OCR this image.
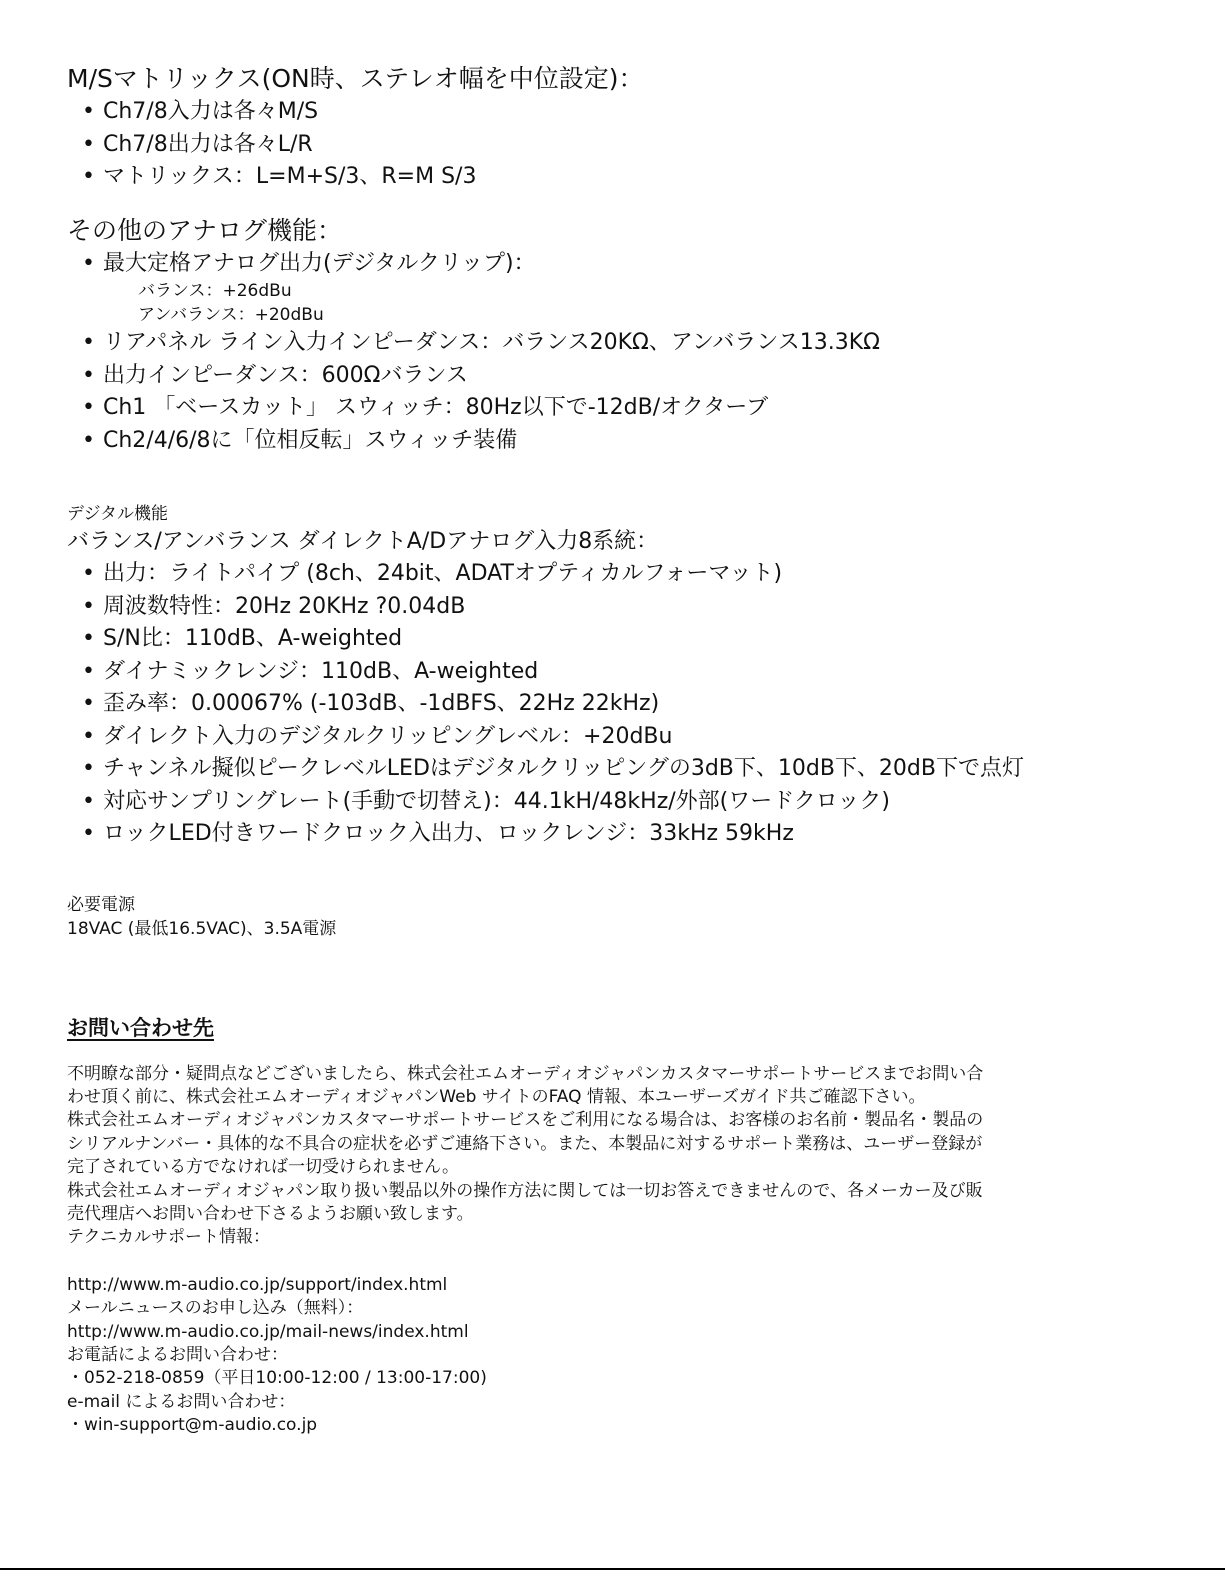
M/Sマトリックス(ON時、ステレオ幅を中位設定)：
• Ch7/8入力は各々M/S
• Ch7/8出力は各々L/R
• マトリックス：L=M+S/3、R=M S/3
その他のアナログ機能：
• 最大定格アナログ出力(デジタルクリップ)：
バランス：+26dBu
アンバランス：+20dBu
• リアパネル ライン入力インピーダンス：バランス20KΩ、アンバランス13.3KΩ
• 出力インピーダンス：600Ωバランス
• Ch1 「ベースカット」 スウィッチ：80Hz以下で-12dB/オクターブ
• Ch2/4/6/8に「位相反転」スウィッチ装備

デジタル機能

バランス/アンバランス ダイレクトA/Dアナログ入力8系統：
• 出力：ライトパイプ (8ch、24bit、ADATオプティカルフォーマット)
• 周波数特性：20Hz 20KHz ?0.04dB
• S/N比：110dB、A-weighted
• ダイナミックレンジ：110dB、A-weighted
• 歪み率：0.00067% (-103dB、-1dBFS、22Hz 22kHz)
• ダイレクト入力のデジタルクリッピングレベル：+20dBu
• チャンネル擬似ピークレベルLEDはデジタルクリッピングの3dB下、10dB下、20dB下で点灯
• 対応サンプリングレート(手動で切替え)：44.1kH/48kHz/外部(ワードクロック)
• ロックLED付きワードクロック入出力、ロックレンジ：33kHz 59kHz

必要電源

18VAC (最低16.5VAC)、3.5A電源

お問い合わせ先

不明瞭な部分・疑問点などございましたら、株式会社エムオーディオジャパンカスタマーサポートサービスまでお問い合

わせ頂く前に、株式会社エムオーディオジャパンWeb サイトのFAQ 情報、本ユーザーズガイド共ご確認下さい。

株式会社エムオーディオジャパンカスタマーサポートサービスをご利用になる場合は、お客様のお名前・製品名・製品の

シリアルナンバー・具体的な不具合の症状を必ずご連絡下さい。また、本製品に対するサポート業務は、ユーザー登録が

完了されている方でなければ一切受けられません。

株式会社エムオーディオジャパン取り扱い製品以外の操作方法に関しては一切お答えできませんので、各メーカー及び販

売代理店へお問い合わせ下さるようお願い致します。

テクニカルサポート情報：

http://www.m-audio.co.jp/support/index.html

メールニュースのお申し込み（無料）：

http://www.m-audio.co.jp/mail-news/index.html

お電話によるお問い合わせ：

・052-218-0859（平日10:00-12:00 / 13:00-17:00)

e-mail によるお問い合わせ：

・win-support@m-audio.co.jp
